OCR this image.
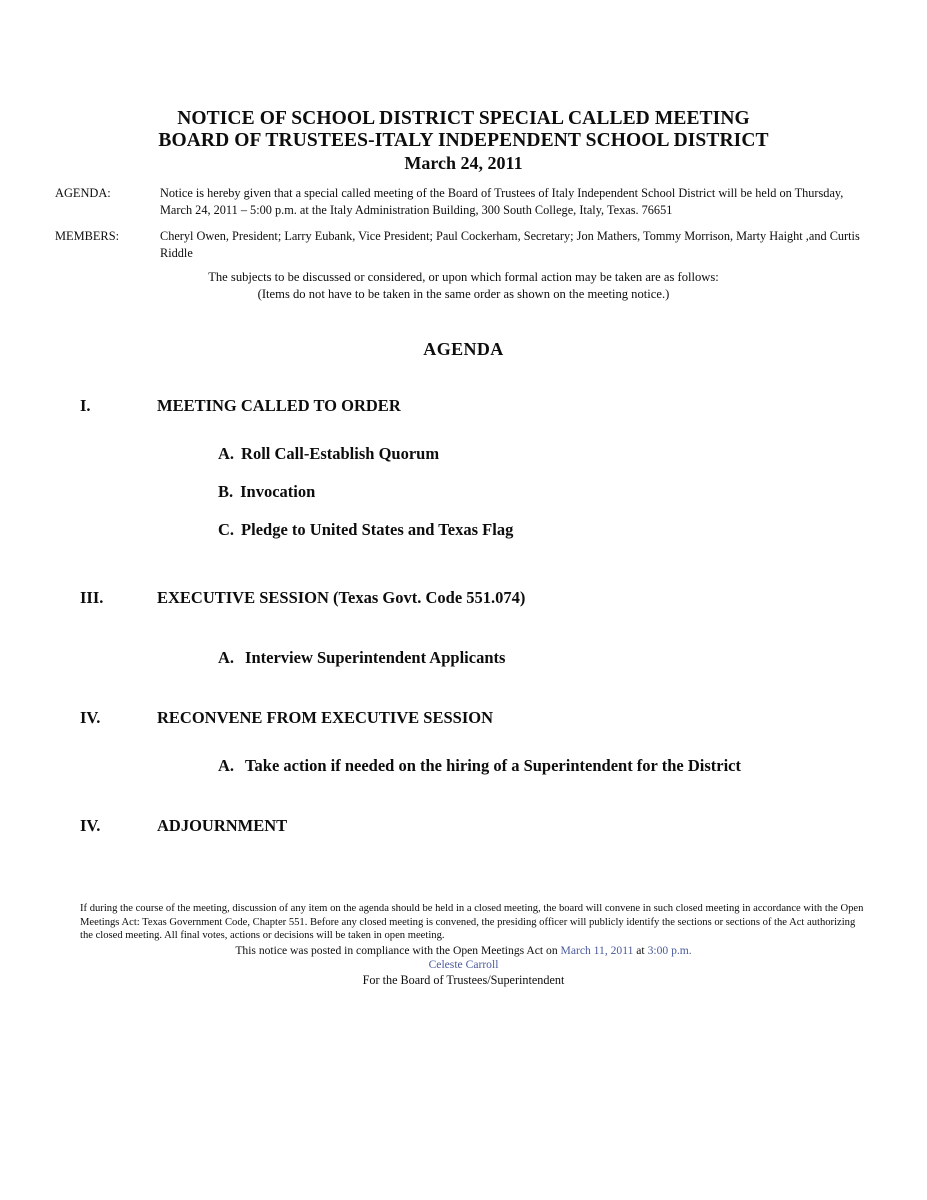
NOTICE OF SCHOOL DISTRICT SPECIAL CALLED MEETING
BOARD OF TRUSTEES-ITALY INDEPENDENT SCHOOL DISTRICT
March 24, 2011
AGENDA:	Notice is hereby given that a special called meeting of the Board of Trustees of Italy Independent School District will be held on Thursday,
March 24, 2011 – 5:00 p.m. at the Italy Administration Building, 300 South College, Italy, Texas. 76651
MEMBERS:	Cheryl Owen, President; Larry Eubank, Vice President; Paul Cockerham, Secretary; Jon Mathers, Tommy Morrison, Marty Haight ,and Curtis
Riddle
The subjects to be discussed or considered, or upon which formal action may be taken are as follows:
(Items do not have to be taken in the same order as shown on the meeting notice.)
AGENDA
I.	MEETING CALLED TO ORDER
A. Roll Call-Establish Quorum
B. Invocation
C. Pledge to United States and Texas Flag
III.	EXECUTIVE SESSION (Texas Govt. Code 551.074)
A. Interview Superintendent Applicants
IV.	RECONVENE FROM EXECUTIVE SESSION
A. Take action if needed on the hiring of a Superintendent for the District
IV.	ADJOURNMENT
If during the course of the meeting, discussion of any item on the agenda should be held in a closed meeting, the board will convene in such closed meeting in accordance with the Open
Meetings Act: Texas Government Code, Chapter 551. Before any closed meeting is convened, the presiding officer will publicly identify the sections or sections of the Act authorizing
the closed meeting. All final votes, actions or decisions will be taken in open meeting.
This notice was posted in compliance with the Open Meetings Act on March 11, 2011 at 3:00 p.m.
Celeste Carroll
For the Board of Trustees/Superintendent
